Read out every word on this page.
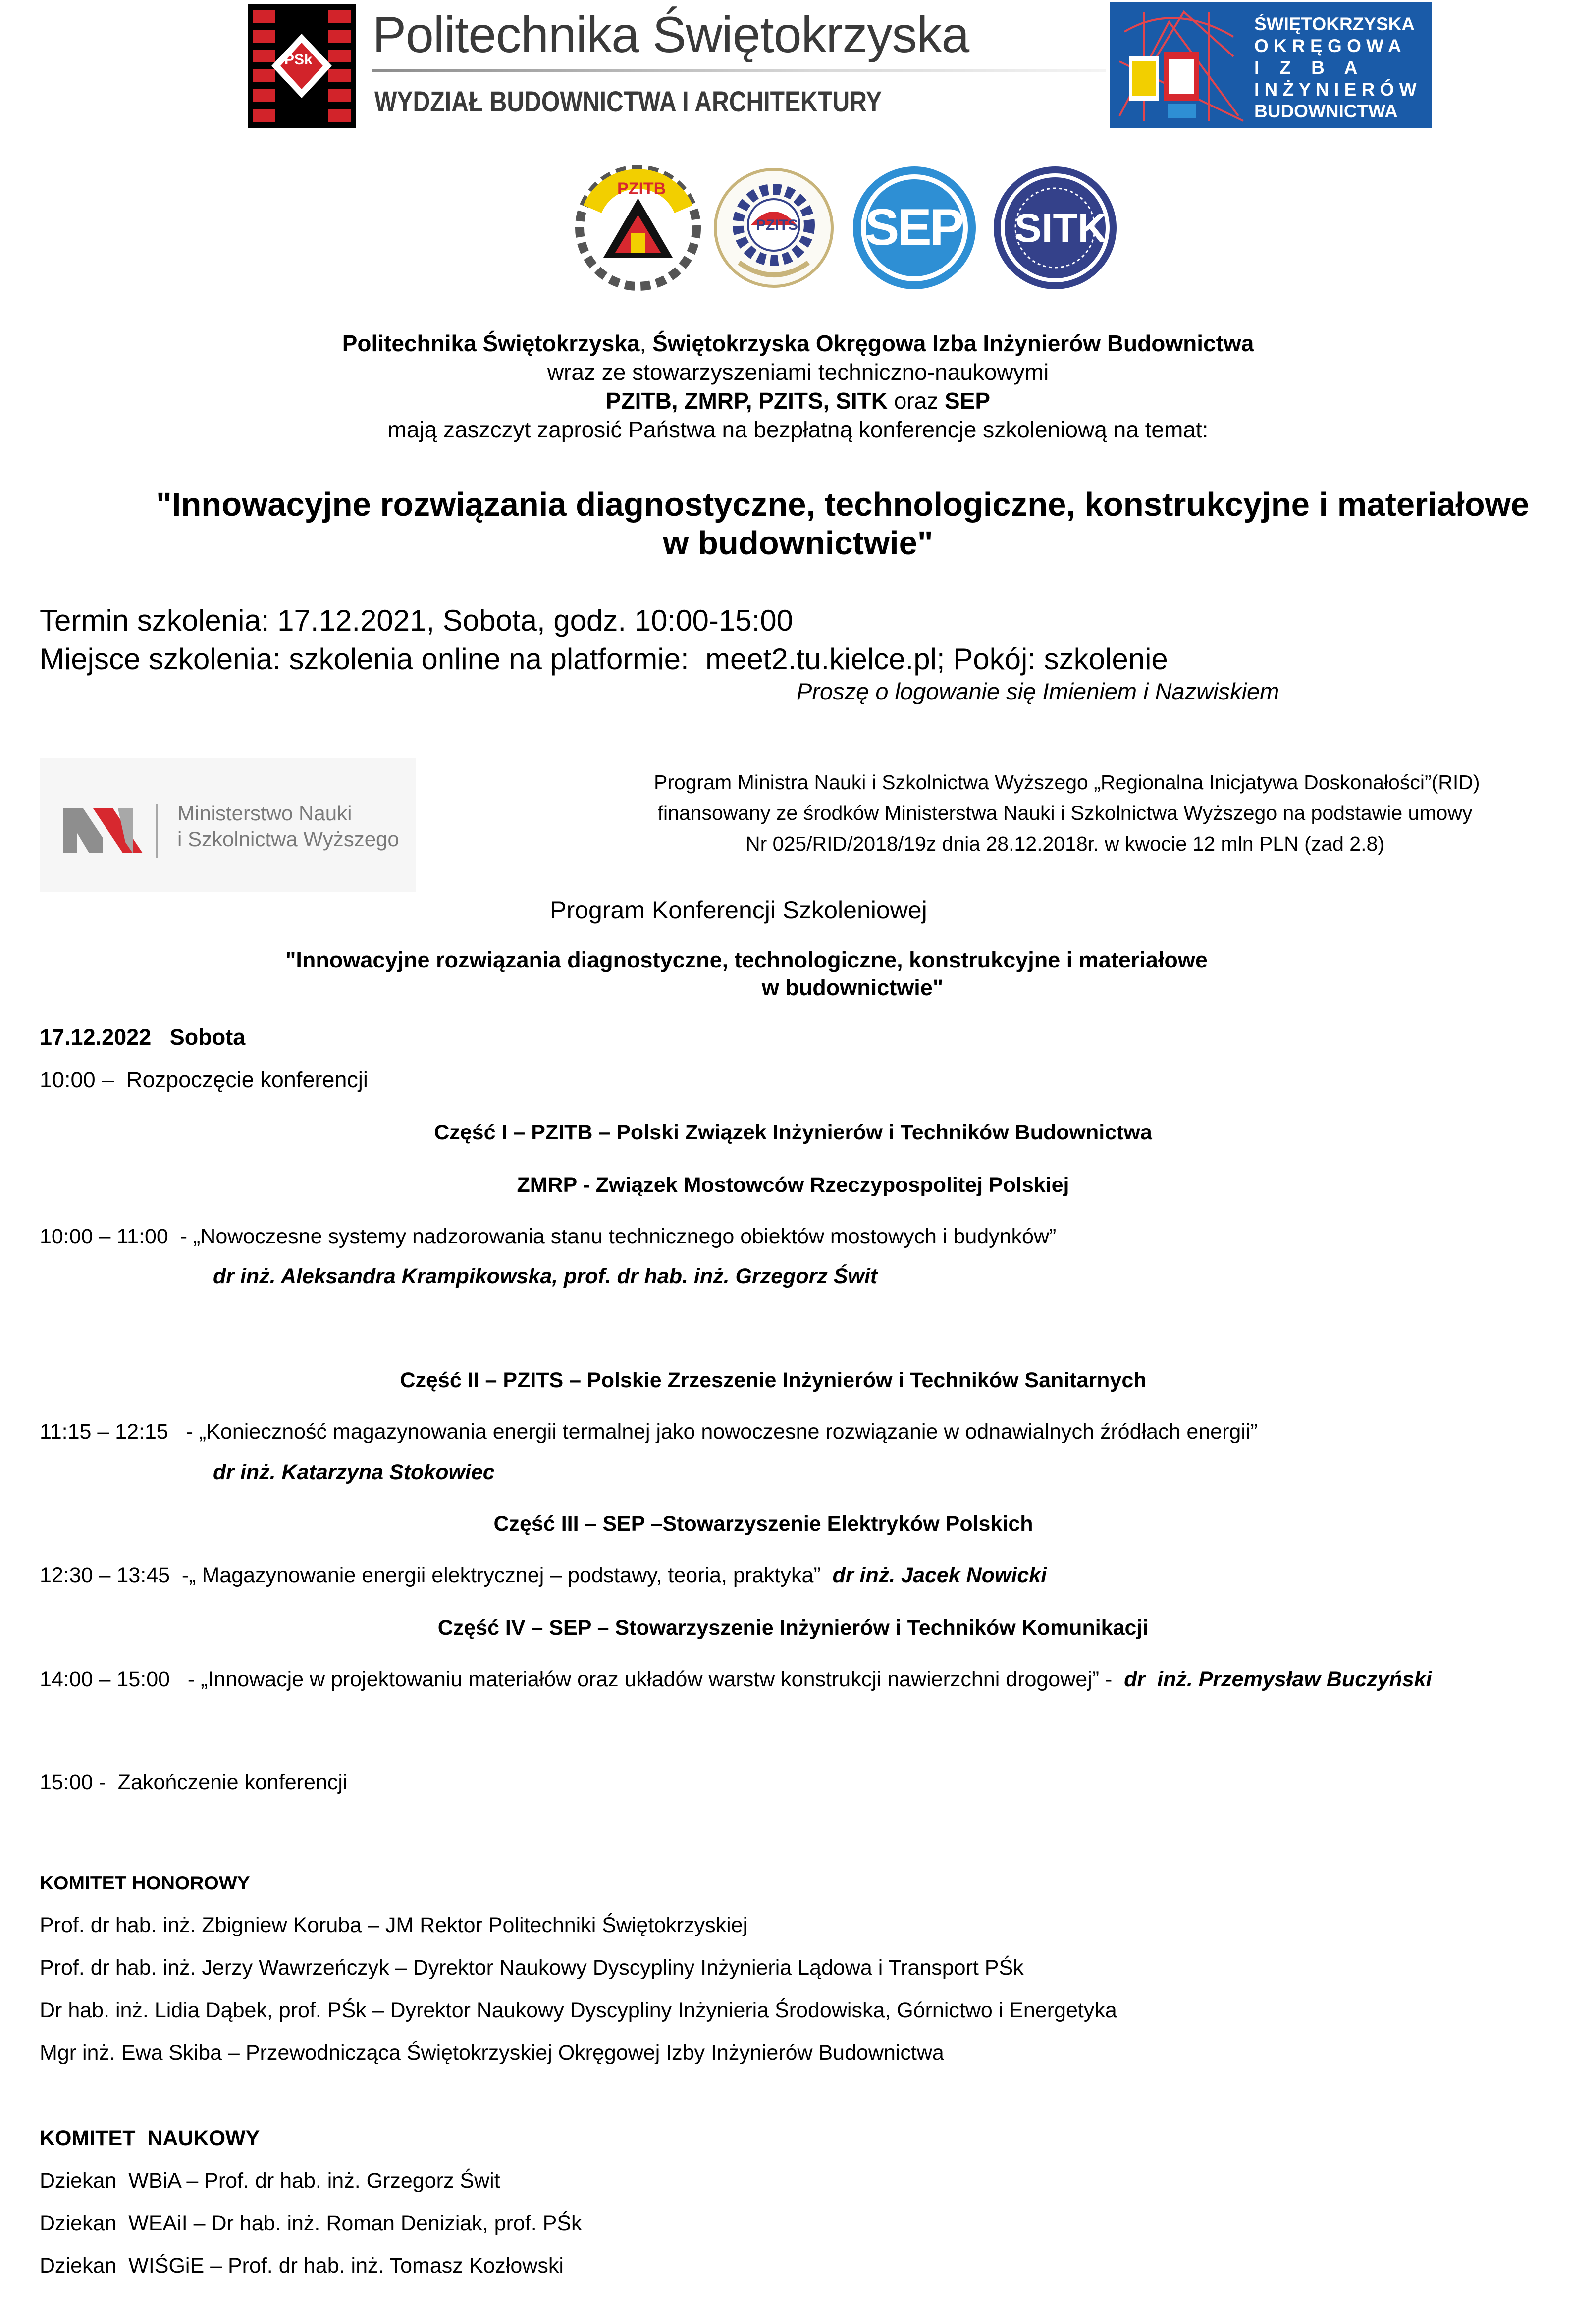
PSk Politechnika Świętokrzyska
WYDZIAŁ BUDOWNICTWA I ARCHITEKTURY
ŚWIĘTOKRZYSKA
O K R Ę G O W A
I    Z    B    A
I N Ż Y N I E R Ó W
BUDOWNICTWA
PZITB
PZITS SEP SITK
Politechnika Świętokrzyska, Świętokrzyska Okręgowa Izba Inżynierów Budownictwa
wraz ze stowarzyszeniami techniczno-naukowymi
PZITB, ZMRP, PZITS, SITK oraz SEP
mają zaszczyt zaprosić Państwa na bezpłatną konferencje szkoleniową na temat:
"Innowacyjne rozwiązania diagnostyczne, technologiczne, konstrukcyjne i materiałowe
w budownictwie"
Termin szkolenia: 17.12.2021, Sobota, godz. 10:00-15:00
Miejsce szkolenia: szkolenia online na platformie:  meet2.tu.kielce.pl; Pokój: szkolenie
Proszę o logowanie się Imieniem i Nazwiskiem
Ministerstwo Nauki
i Szkolnictwa Wyższego
Program Ministra Nauki i Szkolnictwa Wyższego „Regionalna Inicjatywa Doskonałości”(RID)
finansowany ze środków Ministerstwa Nauki i Szkolnictwa Wyższego na podstawie umowy
Nr 025/RID/2018/19z dnia 28.12.2018r. w kwocie 12 mln PLN (zad 2.8)
Program Konferencji Szkoleniowej
"Innowacyjne rozwiązania diagnostyczne, technologiczne, konstrukcyjne i materiałowe
w budownictwie"
17.12.2022   Sobota
10:00 –  Rozpoczęcie konferencji
Część I – PZITB – Polski Związek Inżynierów i Techników Budownictwa
ZMRP - Związek Mostowców Rzeczypospolitej Polskiej
10:00 – 11:00  - „Nowoczesne systemy nadzorowania stanu technicznego obiektów mostowych i budynków”
dr inż. Aleksandra Krampikowska, prof. dr hab. inż. Grzegorz Świt
Część II – PZITS – Polskie Zrzeszenie Inżynierów i Techników Sanitarnych
11:15 – 12:15   - „Konieczność magazynowania energii termalnej jako nowoczesne rozwiązanie w odnawialnych źródłach energii”
dr inż. Katarzyna Stokowiec
Część III – SEP –Stowarzyszenie Elektryków Polskich
12:30 – 13:45  -„ Magazynowanie energii elektrycznej – podstawy, teoria, praktyka”  dr inż. Jacek Nowicki
Część IV – SEP – Stowarzyszenie Inżynierów i Techników Komunikacji
14:00 – 15:00   - „Innowacje w projektowaniu materiałów oraz układów warstw konstrukcji nawierzchni drogowej” -  dr  inż. Przemysław Buczyński
15:00 -  Zakończenie konferencji
KOMITET HONOROWY
Prof. dr hab. inż. Zbigniew Koruba – JM Rektor Politechniki Świętokrzyskiej
Prof. dr hab. inż. Jerzy Wawrzeńczyk – Dyrektor Naukowy Dyscypliny Inżynieria Lądowa i Transport PŚk
Dr hab. inż. Lidia Dąbek, prof. PŚk – Dyrektor Naukowy Dyscypliny Inżynieria Środowiska, Górnictwo i Energetyka
Mgr inż. Ewa Skiba – Przewodnicząca Świętokrzyskiej Okręgowej Izby Inżynierów Budownictwa
KOMITET  NAUKOWY
Dziekan  WBiA – Prof. dr hab. inż. Grzegorz Świt
Dziekan  WEAiI – Dr hab. inż. Roman Deniziak, prof. PŚk
Dziekan  WIŚGiE – Prof. dr hab. inż. Tomasz Kozłowski
